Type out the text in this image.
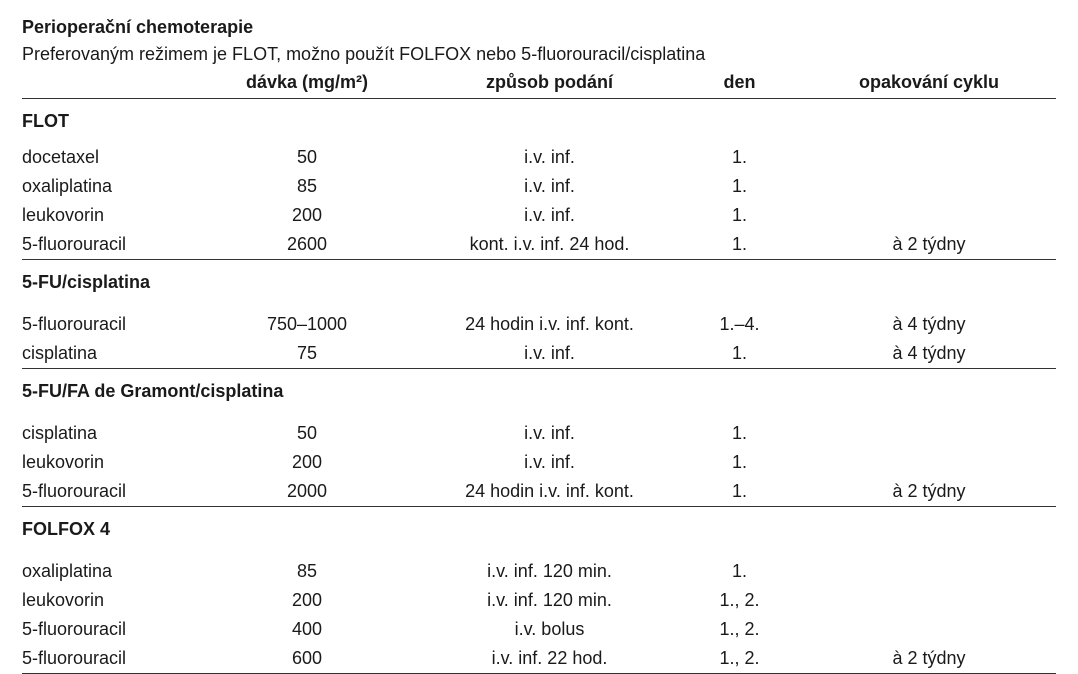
Perioperační chemoterapie
Preferovaným režimem je FLOT, možno použít FOLFOX nebo 5-fluorouracil/cisplatina
	dávka (mg/m²)	způsob podání	den	opakování cyklu
FLOT				
docetaxel	50	i.v. inf.	1.	
oxaliplatina	85	i.v. inf.	1.	
leukovorin	200	i.v. inf.	1.	
5-fluorouracil	2600	kont. i.v. inf. 24 hod.	1.	à 2 týdny
5-FU/cisplatina				
5-fluorouracil	750–1000	24 hodin i.v. inf. kont.	1.–4.	à 4 týdny
cisplatina	75	i.v. inf.	1.	à 4 týdny
5-FU/FA de Gramont/cisplatina				
cisplatina	50	i.v. inf.	1.	
leukovorin	200	i.v. inf.	1.	
5-fluorouracil	2000	24 hodin i.v. inf. kont.	1.	à 2 týdny
FOLFOX 4				
oxaliplatina	85	i.v. inf. 120 min.	1.	
leukovorin	200	i.v. inf. 120 min.	1., 2.	
5-fluorouracil	400	i.v. bolus	1., 2.	
5-fluorouracil	600	i.v. inf. 22 hod.	1., 2.	à 2 týdny
